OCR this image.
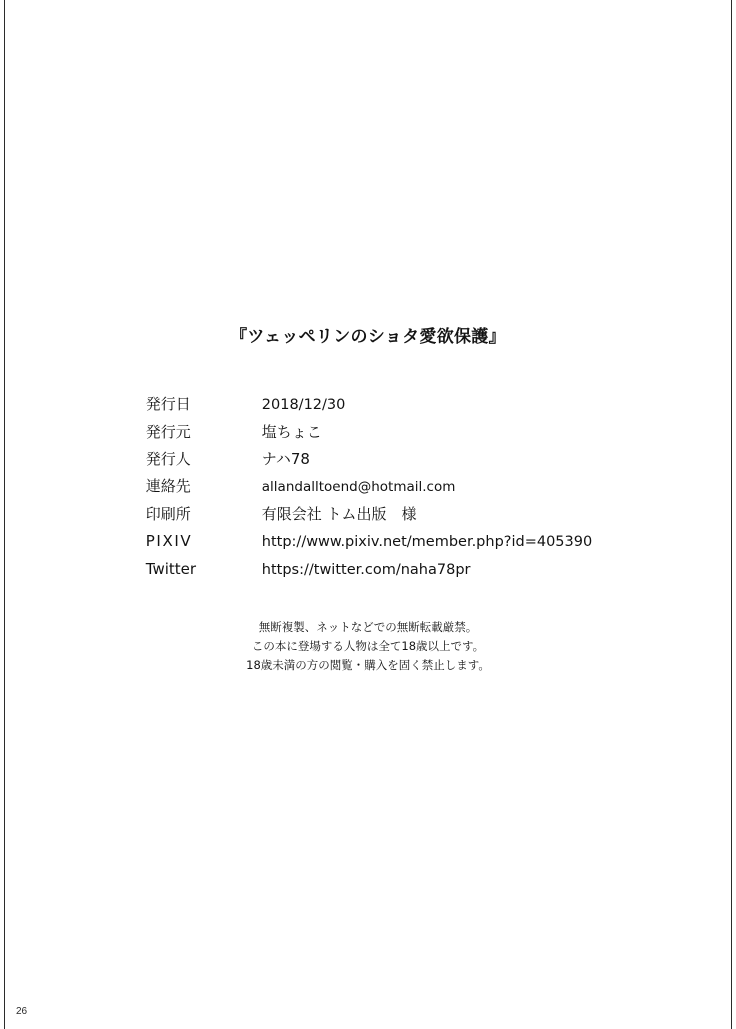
『ツェッペリンのショタ愛欲保護』
発行日	2018/12/30
発行元	塩ちょこ
発行人	ナハ78
連絡先	allandalltoend@hotmail.com
印刷所	有限会社 トム出版　様
PIXIV	http://www.pixiv.net/member.php?id=405390
Twitter	https://twitter.com/naha78pr
無断複製、ネットなどでの無断転載厳禁。
この本に登場する人物は全て18歳以上です。
18歳未満の方の閲覧・購入を固く禁止します。
26
